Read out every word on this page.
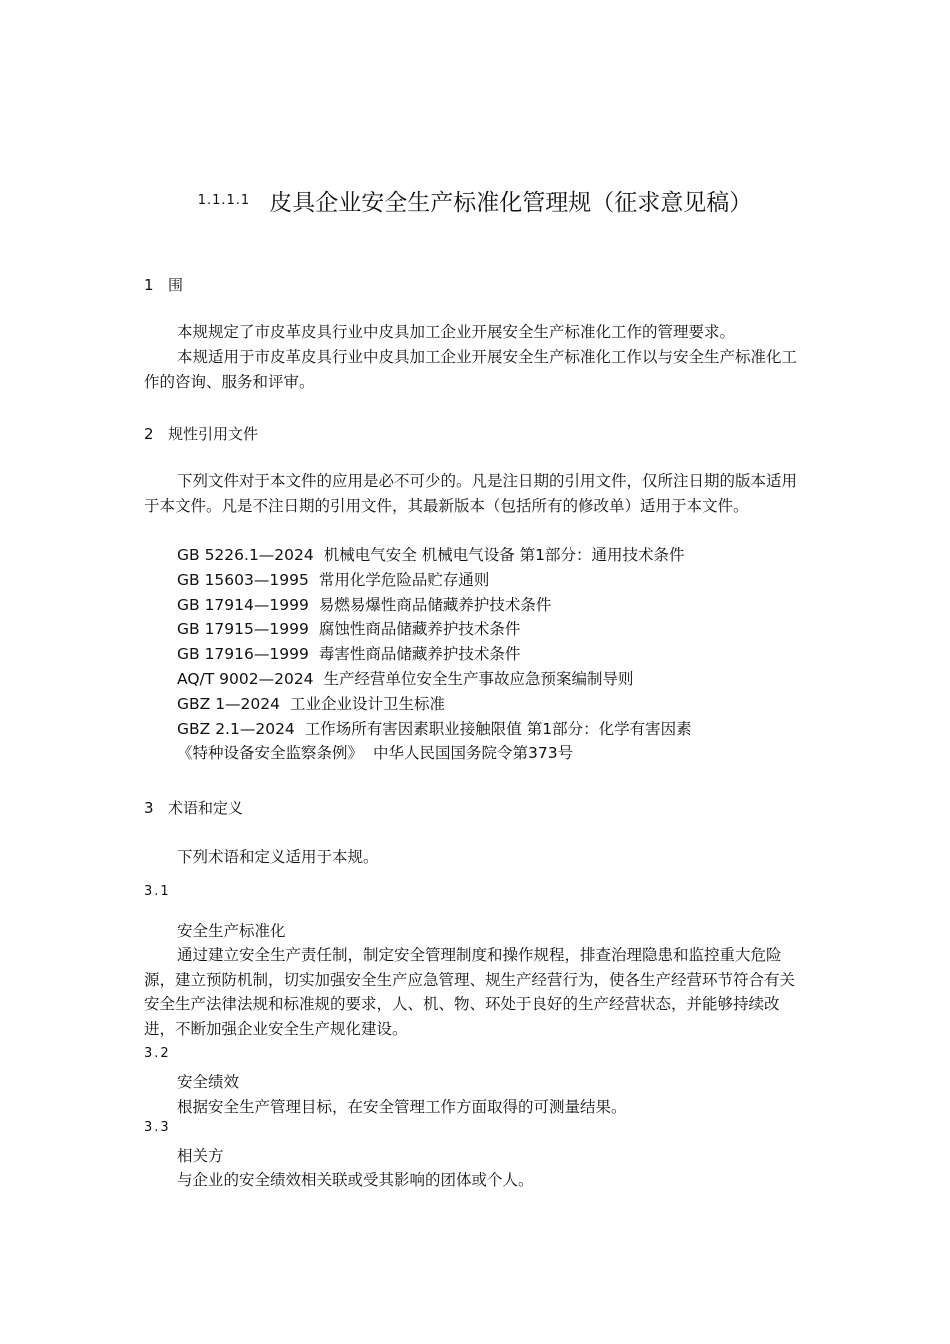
1.1.1.1 皮具企业安全生产标准化管理规（征求意见稿）
1 围

本规规定了市皮革皮具行业中皮具加工企业开展安全生产标准化工作的管理要求。

本规适用于市皮革皮具行业中皮具加工企业开展安全生产标准化工作以与安全生产标准化工作的咨询、服务和评审。

2 规性引用文件

下列文件对于本文件的应用是必不可少的。凡是注日期的引用文件，仅所注日期的版本适用于本文件。凡是不注日期的引用文件，其最新版本（包括所有的修改单）适用于本文件。

GB 5226.1—2024 机械电气安全 机械电气设备 第1部分：通用技术条件
GB 15603—1995 常用化学危险品贮存通则
GB 17914—1999 易燃易爆性商品储藏养护技术条件
GB 17915—1999 腐蚀性商品储藏养护技术条件
GB 17916—1999 毒害性商品储藏养护技术条件
AQ/T 9002—2024 生产经营单位安全生产事故应急预案编制导则
GBZ 1—2024 工业企业设计卫生标准
GBZ 2.1—2024 工作场所有害因素职业接触限值 第1部分：化学有害因素
《特种设备安全监察条例》 中华人民国国务院令第373号
3 术语和定义
下列术语和定义适用于本规。
3.1
安全生产标准化

通过建立安全生产责任制，制定安全管理制度和操作规程，排查治理隐患和监控重大危险源，建立预防机制，切实加强安全生产应急管理、规生产经营行为，使各生产经营环节符合有关安全生产法律法规和标准规的要求，人、机、物、环处于良好的生产经营状态，并能够持续改进，不断加强企业安全生产规化建设。

3.2
安全绩效
根据安全生产管理目标，在安全管理工作方面取得的可测量结果。
3.3
相关方
与企业的安全绩效相关联或受其影响的团体或个人。
